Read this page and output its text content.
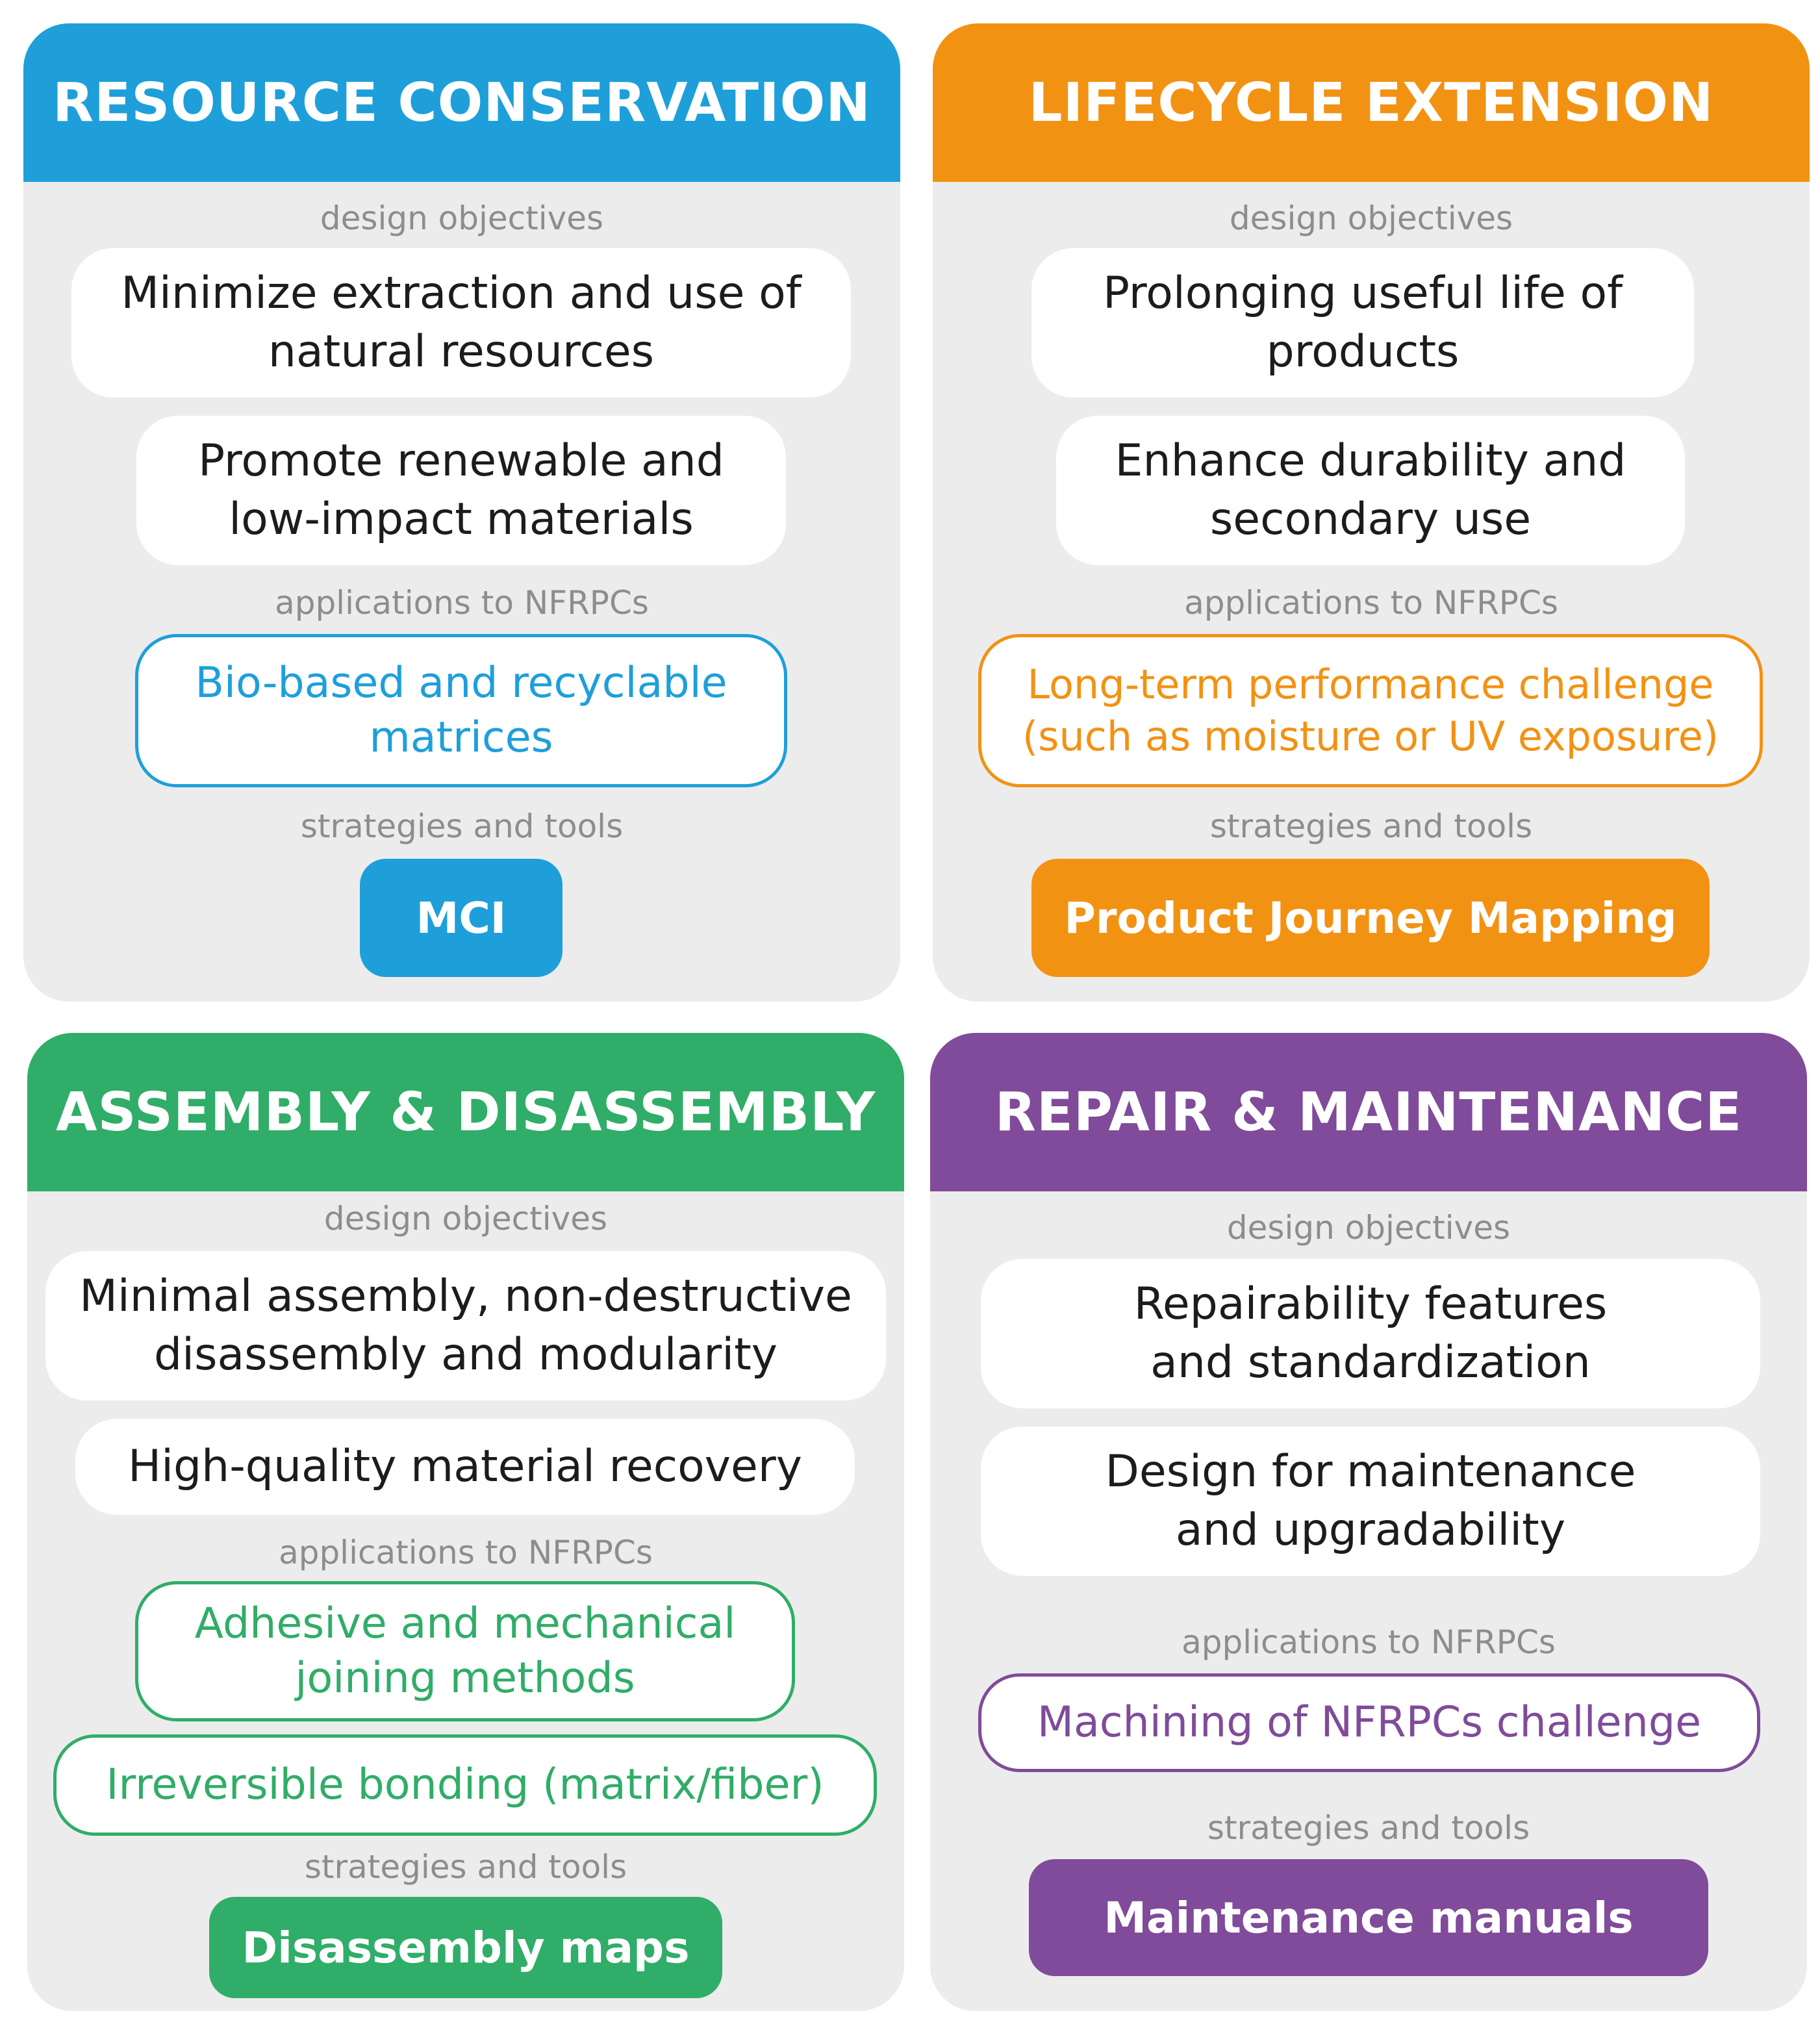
RESOURCE CONSERVATION
design objectives
Minimize extraction and use of natural resources
Promote renewable and low-impact materials
applications to NFRPCs
Bio-based and recyclable matrices
strategies and tools
MCI
LIFECYCLE EXTENSION
design objectives
Prolonging useful life of products
Enhance durability and secondary use
applications to NFRPCs
Long-term performance challenge (such as moisture or UV exposure)
strategies and tools
Product Journey Mapping
ASSEMBLY & DISASSEMBLY
design objectives
Minimal assembly, non-destructive disassembly and modularity
High-quality material recovery
applications to NFRPCs
Adhesive and mechanical joining methods
Irreversible bonding (matrix/fiber)
strategies and tools
Disassembly maps
REPAIR & MAINTENANCE
design objectives
Repairability features and standardization
Design for maintenance and upgradability
applications to NFRPCs
Machining of NFRPCs challenge
strategies and tools
Maintenance manuals
